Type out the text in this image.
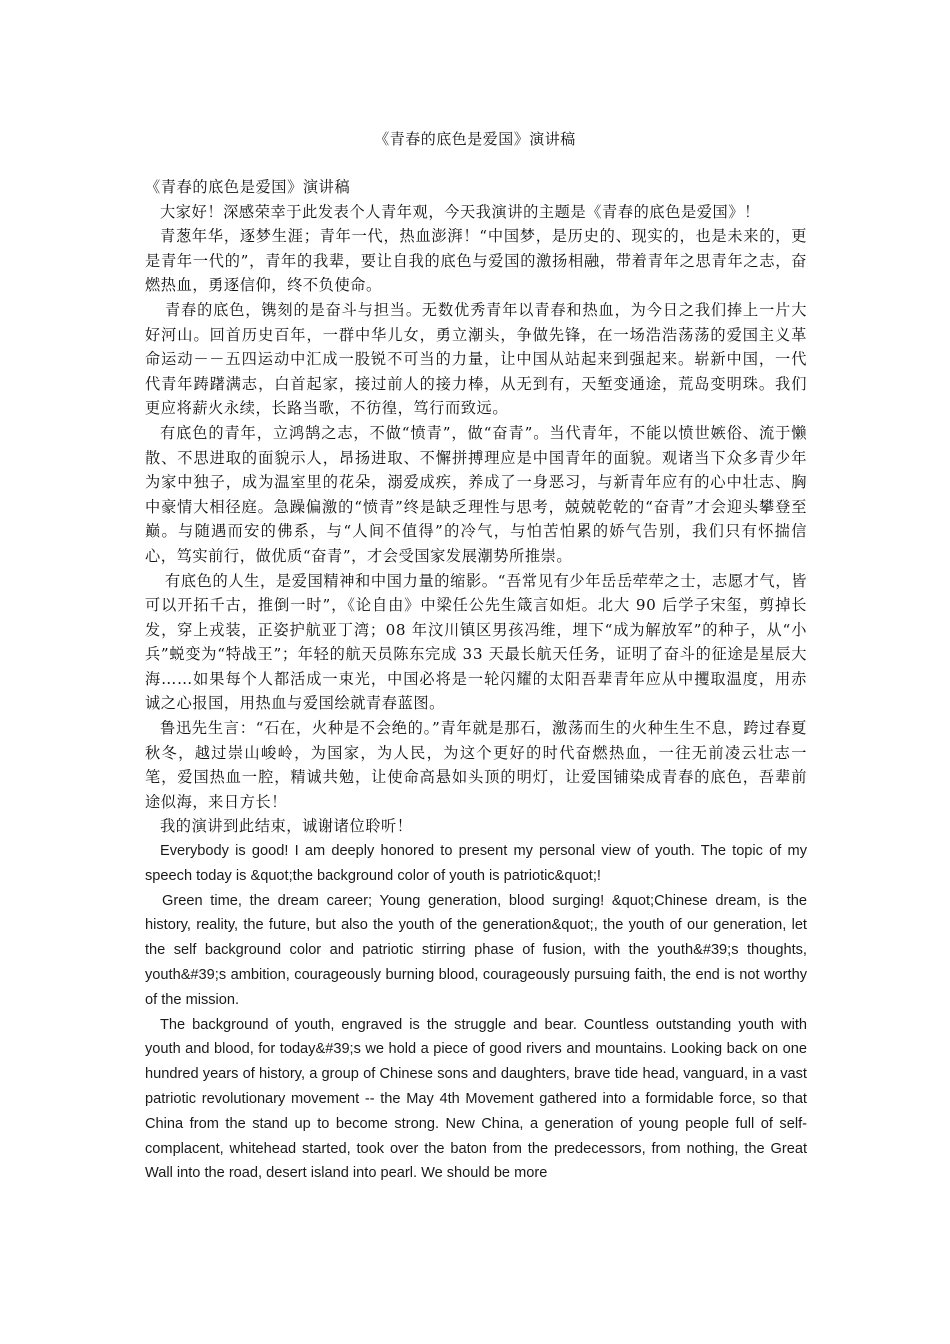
《青春的底色是爱国》演讲稿

《青春的底色是爱国》演讲稿

大家好！深感荣幸于此发表个人青年观，今天我演讲的主题是《青春的底色是爱国》！

青葱年华，逐梦生涯；青年一代，热血澎湃！“中国梦，是历史的、现实的，也是未来的，更是青年一代的”，青年的我辈，要让自我的底色与爱国的激扬相融，带着青年之思青年之志，奋燃热血，勇逐信仰，终不负使命。

青春的底色，镌刻的是奋斗与担当。无数优秀青年以青春和热血，为今日之我们捧上一片大好河山。回首历史百年，一群中华儿女，勇立潮头，争做先锋，在一场浩浩荡荡的爱国主义革命运动－－五四运动中汇成一股锐不可当的力量，让中国从站起来到强起来。崭新中国，一代代青年踌躇满志，白首起家，接过前人的接力棒，从无到有，天堑变通途，荒岛变明珠。我们更应将薪火永续，长路当歌，不彷徨，笃行而致远。

有底色的青年，立鸿鹄之志，不做“愤青”，做“奋青”。当代青年，不能以愤世嫉俗、流于懒散、不思进取的面貌示人，昂扬进取、不懈拼搏理应是中国青年的面貌。观诸当下众多青少年为家中独子，成为温室里的花朵，溺爱成疾，养成了一身恶习，与新青年应有的心中壮志、胸中豪情大相径庭。急躁偏激的“愤青”终是缺乏理性与思考，兢兢乾乾的“奋青”才会迎头攀登至巅。与随遇而安的佛系，与“人间不值得”的冷气，与怕苦怕累的娇气告别，我们只有怀揣信心，笃实前行，做优质“奋青”，才会受国家发展潮势所推崇。

有底色的人生，是爱国精神和中国力量的缩影。“吾常见有少年岳岳荦荦之士，志愿才气，皆可以开拓千古，推倒一时”，《论自由》中梁任公先生箴言如炬。北大 90 后学子宋玺，剪掉长发，穿上戎装，正姿护航亚丁湾；08 年汶川镇区男孩冯维，埋下“成为解放军”的种子，从“小兵”蜕变为“特战王”；年轻的航天员陈东完成 33 天最长航天任务，证明了奋斗的征途是星辰大海……如果每个人都活成一束光，中国必将是一轮闪耀的太阳吾辈青年应从中攫取温度，用赤诚之心报国，用热血与爱国绘就青春蓝图。

鲁迅先生言：“石在，火种是不会绝的。”青年就是那石，激荡而生的火种生生不息，跨过春夏秋冬，越过崇山峻岭，为国家，为人民，为这个更好的时代奋燃热血，一往无前凌云壮志一笔，爱国热血一腔，精诚共勉，让使命高悬如头顶的明灯，让爱国铺染成青春的底色，吾辈前途似海，来日方长！

我的演讲到此结束，诚谢诸位聆听！

Everybody is good! I am deeply honored to present my personal view of youth. The topic of my speech today is &quot;the background color of youth is patriotic&quot;!

Green time, the dream career; Young generation, blood surging! &quot;Chinese dream, is the history, reality, the future, but also the youth of the generation&quot;, the youth of our generation, let the self background color and patriotic stirring phase of fusion, with the youth&#39;s thoughts, youth&#39;s ambition, courageously burning blood, courageously pursuing faith, the end is not worthy of the mission.

The background of youth, engraved is the struggle and bear. Countless outstanding youth with youth and blood, for today&#39;s we hold a piece of good rivers and mountains. Looking back on one hundred years of history, a group of Chinese sons and daughters, brave tide head, vanguard, in a vast patriotic revolutionary movement -- the May 4th Movement gathered into a formidable force, so that China from the stand up to become strong. New China, a generation of young people full of self-complacent, whitehead started, took over the baton from the predecessors, from nothing, the Great Wall into the road, desert island into pearl. We should be more
